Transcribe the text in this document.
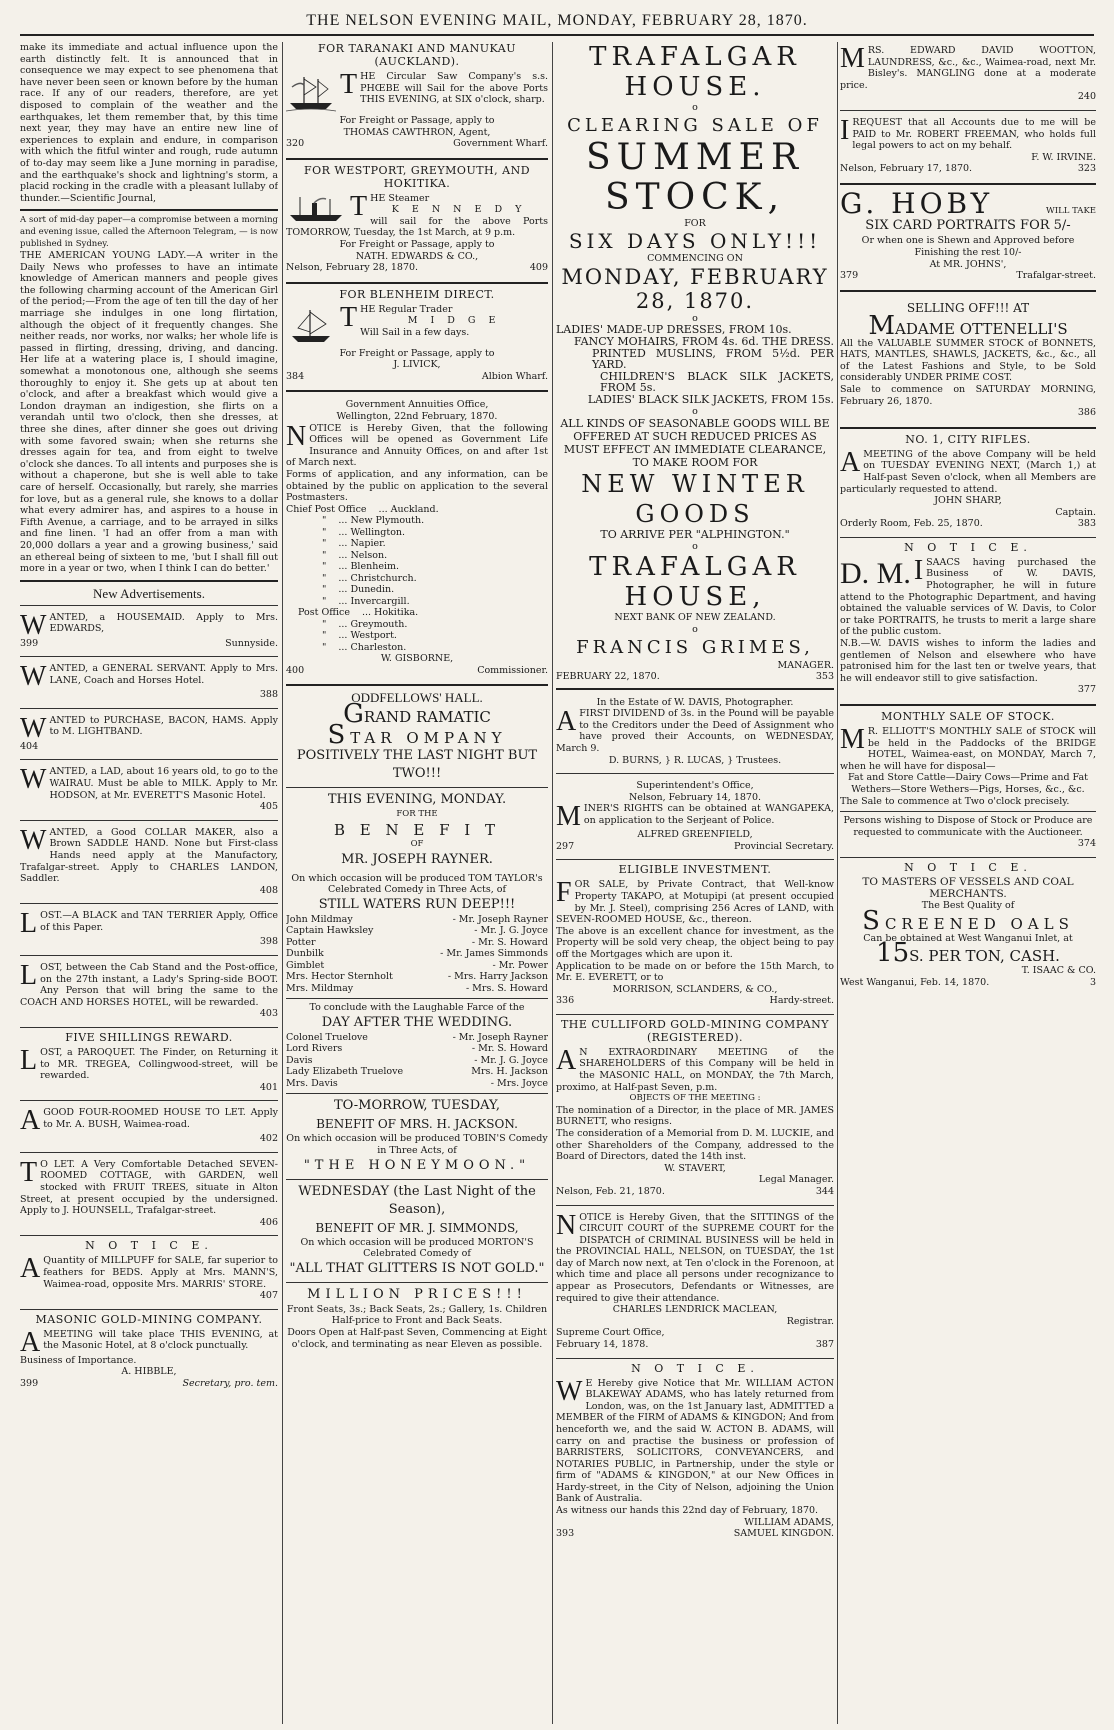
THE NELSON EVENING MAIL, MONDAY, FEBRUARY 28, 1870.

make its immediate and actual influence upon the earth distinctly felt. It is announced that in consequence we may expect to see phenomena that have never been seen or known before by the human race. If any of our readers, therefore, are yet disposed to complain of the weather and the earthquakes, let them remember that, by this time next year, they may have an entire new line of experiences to explain and endure, in comparison with which the fitful winter and rough, rude autumn of to-day may seem like a June morning in paradise, and the earthquake's shock and lightning's storm, a placid rocking in the cradle with a pleasant lullaby of thunder.—Scientific Journal,

A sort of mid-day paper—a compromise between a morning and evening issue, called the Afternoon Telegram, — is now published in Sydney.

THE AMERICAN YOUNG LADY.—A writer in the Daily News who professes to have an intimate knowledge of American manners and people gives the following charming account of the American Girl of the period;—From the age of ten till the day of her marriage she indulges in one long flirtation, although the object of it frequently changes. She neither reads, nor works, nor walks; her whole life is passed in flirting, dressing, driving, and dancing. Her life at a watering place is, I should imagine, somewhat a monotonous one, although she seems thoroughly to enjoy it. She gets up at about ten o'clock, and after a breakfast which would give a London drayman an indigestion, she flirts on a verandah until two o'clock, then she dresses, at three she dines, after dinner she goes out driving with some favored swain; when she returns she dresses again for tea, and from eight to twelve o'clock she dances. To all intents and purposes she is without a chaperone, but she is well able to take care of herself. Occasionally, but rarely, she marries for love, but as a general rule, she knows to a dollar what every admirer has, and aspires to a house in Fifth Avenue, a carriage, and to be arrayed in silks and fine linen. 'I had an offer from a man with 20,000 dollars a year and a growing business,' said an ethereal being of sixteen to me, 'but I shall fill out more in a year or two, when I think I can do better.'

New Advertisements.
W ANTED, a HOUSEMAID. Apply to Mrs. EDWARDS,

399	Sunnyside.
W ANTED, a GENERAL SERVANT. Apply to Mrs. LANE, Coach and Horses Hotel.

388
W ANTED to PURCHASE, BACON, HAMS. Apply to M. LIGHTBAND.

404
W ANTED, a LAD, about 16 years old, to go to the WAIRAU. Must be able to MILK. Apply to Mr. HODSON, at Mr. EVERETT'S Masonic Hotel.

405
W ANTED, a Good COLLAR MAKER, also a Brown SADDLE HAND. None but First-class Hands need apply at the Manufactory, Trafalgar-street. Apply to CHARLES LANDON, Saddler.

408
L OST.—A BLACK and TAN TERRIER Apply, Office of this Paper.

398
L OST, between the Cab Stand and the Post-office, on the 27th instant, a Lady's Spring-side BOOT. Any Person that will bring the same to the COACH AND HORSES HOTEL, will be rewarded.

403
FIVE SHILLINGS REWARD.
L OST, a PAROQUET. The Finder, on Returning it to MR. TREGEA, Collingwood-street, will be rewarded.

401
A GOOD FOUR-ROOMED HOUSE TO LET. Apply to Mr. A. BUSH, Waimea-road.

402
T O LET. A Very Comfortable Detached SEVEN-ROOMED COTTAGE, with GARDEN, well stocked with FRUIT TREES, situate in Alton Street, at present occupied by the undersigned. Apply to J. HOUNSELL, Trafalgar-street.

406
N O T I C E.
A Quantity of MILLPUFF for SALE, far superior to feathers for BEDS. Apply at Mrs. MANN'S, Waimea-road, opposite Mrs. MARRIS' STORE.

407
MASONIC GOLD-MINING COMPANY.
A MEETING will take place THIS EVENING, at the Masonic Hotel, at 8 o'clock punctually.

Business of Importance.

A. HIBBLE,
399	Secretary, pro. tem.
FOR TARANAKI AND MANUKAU (AUCKLAND).
T HE Circular Saw Company's s.s. PHŒBE will Sail for the above Ports THIS EVENING, at SIX o'clock, sharp.

For Freight or Passage, apply to
THOMAS CAWTHRON, Agent,
320	Government Wharf.
FOR WESTPORT, GREYMOUTH, AND HOKITIKA.
T HE Steamer

K E N N E D Y

will sail for the above Ports TOMORROW, Tuesday, the 1st March, at 9 p.m.

For Freight or Passage, apply to
NATH. EDWARDS & CO.,
Nelson, February 28, 1870.	409
FOR BLENHEIM DIRECT.
T HE Regular Trader

M I D G E

Will Sail in a few days.

For Freight or Passage, apply to
J. LIVICK,
384	Albion Wharf.
Government Annuities Office,
Wellington, 22nd February, 1870.
N OTICE is Hereby Given, that the following Offices will be opened as Government Life Insurance and Annuity Offices, on and after 1st of March next.

Forms of application, and any information, can be obtained by the public on application to the several Postmasters.

Chief Post Office	... Auckland.
"	... New Plymouth.
"	... Wellington.
"	... Napier.
"	... Nelson.
"	... Blenheim.
"	... Christchurch.
"	... Dunedin.
"	... Invercargill.
Post Office	... Hokitika.
"	... Greymouth.
"	... Westport.
"	... Charleston.
W. GISBORNE,
400	Commissioner.
ODDFELLOWS' HALL.
GRAND RAMATIC
STAR OMPANY
POSITIVELY THE LAST NIGHT BUT TWO!!!
THIS EVENING, MONDAY.
FOR THE
B E N E F I T
OF
MR. JOSEPH RAYNER.

On which occasion will be produced TOM TAYLOR's Celebrated Comedy in Three Acts, of

STILL WATERS RUN DEEP!!!
John Mildmay	- Mr. Joseph Rayner
Captain Hawksley	- Mr. J. G. Joyce
Potter	- Mr. S. Howard
Dunbilk	- Mr. James Simmonds
Gimblet	- Mr. Power
Mrs. Hector Sternholt	- Mrs. Harry Jackson
Mrs. Mildmay	- Mrs. S. Howard

To conclude with the Laughable Farce of the

DAY AFTER THE WEDDING.
Colonel Truelove	- Mr. Joseph Rayner
Lord Rivers	- Mr. S. Howard
Davis	- Mr. J. G. Joyce
Lady Elizabeth Truelove	Mrs. H. Jackson
Mrs. Davis	- Mrs. Joyce
TO-MORROW, TUESDAY,
BENEFIT OF MRS. H. JACKSON.

On which occasion will be produced TOBIN'S Comedy in Three Acts, of

"THE HONEYMOON."
WEDNESDAY (the Last Night of the Season),
BENEFIT OF MR. J. SIMMONDS,

On which occasion will be produced MORTON'S Celebrated Comedy of

"ALL THAT GLITTERS IS NOT GOLD."
MILLION PRICES!!!

Front Seats, 3s.; Back Seats, 2s.; Gallery, 1s. Children Half-price to Front and Back Seats.

Doors Open at Half-past Seven, Commencing at Eight o'clock, and terminating as near Eleven as possible.

TRAFALGAR HOUSE.
o
CLEARING SALE OF
SUMMER STOCK,
FOR
SIX DAYS ONLY!!!
COMMENCING ON
MONDAY, FEBRUARY 28, 1870.
o
LADIES' MADE-UP DRESSES, FROM 10s.
FANCY MOHAIRS, FROM 4s. 6d. THE DRESS.
PRINTED MUSLINS, FROM 5½d. PER YARD.
CHILDREN'S BLACK SILK JACKETS, FROM 5s.
LADIES' BLACK SILK JACKETS, FROM 15s.
o

ALL KINDS OF SEASONABLE GOODS WILL BE OFFERED AT SUCH REDUCED PRICES AS MUST EFFECT AN IMMEDIATE CLEARANCE, TO MAKE ROOM FOR

NEW WINTER GOODS
TO ARRIVE PER "ALPHINGTON."
o
TRAFALGAR HOUSE,
NEXT BANK OF NEW ZEALAND.
o
FRANCIS GRIMES,
MANAGER.
FEBRUARY 22, 1870.	353
In the Estate of W. DAVIS, Photographer.
A FIRST DIVIDEND of 3s. in the Pound will be payable to the Creditors under the Deed of Assignment who have proved their Accounts, on WEDNESDAY, March 9.

D. BURNS, } R. LUCAS, } Trustees.
Superintendent's Office,
Nelson, February 14, 1870.
M INER'S RIGHTS can be obtained at WANGAPEKA, on application to the Serjeant of Police.

ALFRED GREENFIELD,
297	Provincial Secretary.
ELIGIBLE INVESTMENT.
F OR SALE, by Private Contract, that Well-know Property TAKAPO, at Motupipi (at present occupied by Mr. J. Steel), comprising 256 Acres of LAND, with SEVEN-ROOMED HOUSE, &c., thereon.

The above is an excellent chance for investment, as the Property will be sold very cheap, the object being to pay off the Mortgages which are upon it.

Application to be made on or before the 15th March, to Mr. E. EVERETT, or to

MORRISON, SCLANDERS, & CO.,
336	Hardy-street.
THE CULLIFORD GOLD-MINING COMPANY (REGISTERED).
A N EXTRAORDINARY MEETING of the SHAREHOLDERS of this Company will be held in the MASONIC HALL, on MONDAY, the 7th March, proximo, at Half-past Seven, p.m.

OBJECTS OF THE MEETING :

The nomination of a Director, in the place of MR. JAMES BURNETT, who resigns.

The consideration of a Memorial from D. M. LUCKIE, and other Shareholders of the Company, addressed to the Board of Directors, dated the 14th inst.

W. STAVERT,
Legal Manager.
Nelson, Feb. 21, 1870.	344
N OTICE is Hereby Given, that the SITTINGS of the CIRCUIT COURT of the SUPREME COURT for the DISPATCH of CRIMINAL BUSINESS will be held in the PROVINCIAL HALL, NELSON, on TUESDAY, the 1st day of March now next, at Ten o'clock in the Forenoon, at which time and place all persons under recognizance to appear as Prosecutors, Defendants or Witnesses, are required to give their attendance.

CHARLES LENDRICK MACLEAN,
Registrar.
Supreme Court Office,
February 14, 1878.	387
N O T I C E.
W E Hereby give Notice that Mr. WILLIAM ACTON BLAKEWAY ADAMS, who has lately returned from London, was, on the 1st January last, ADMITTED a MEMBER of the FIRM of ADAMS & KINGDON; And from henceforth we, and the said W. ACTON B. ADAMS, will carry on and practise the business or profession of BARRISTERS, SOLICITORS, CONVEYANCERS, and NOTARIES PUBLIC, in Partnership, under the style or firm of "ADAMS & KINGDON," at our New Offices in Hardy-street, in the City of Nelson, adjoining the Union Bank of Australia.

As witness our hands this 22nd day of February, 1870.

WILLIAM ADAMS,
393	SAMUEL KINGDON.
M RS. EDWARD DAVID WOOTTON, LAUNDRESS, &c., &c., Waimea-road, next Mr. Bisley's. MANGLING done at a moderate price.

240
I REQUEST that all Accounts due to me will be PAID to Mr. ROBERT FREEMAN, who holds full legal powers to act on my behalf.

F. W. IRVINE.
Nelson, February 17, 1870.	323
G. HOBY	WILL TAKE
SIX CARD PORTRAITS FOR 5/-

Or when one is Shewn and Approved before Finishing the rest 10/-

At MR. JOHNS',
379	Trafalgar-street.
SELLING OFF!!! AT
MADAME OTTENELLI'S

All the VALUABLE SUMMER STOCK of BONNETS, HATS, MANTLES, SHAWLS, JACKETS, &c., &c., all of the Latest Fashions and Style, to be Sold considerably UNDER PRIME COST.

Sale to commence on SATURDAY MORNING, February 26, 1870.

386
NO. 1, CITY RIFLES.
A MEETING of the above Company will be held on TUESDAY EVENING NEXT, (March 1,) at Half-past Seven o'clock, when all Members are particularly requested to attend.

JOHN SHARP,
Captain.
Orderly Room, Feb. 25, 1870.	383
N O T I C E.
D. M. I SAACS having purchased the Business of W. DAVIS, Photographer, he will in future attend to the Photographic Department, and having obtained the valuable services of W. Davis, to Color or take PORTRAITS, he trusts to merit a large share of the public custom.

N.B.—W. DAVIS wishes to inform the ladies and gentlemen of Nelson and elsewhere who have patronised him for the last ten or twelve years, that he will endeavor still to give satisfaction.

377
MONTHLY SALE OF STOCK.
M R. ELLIOTT'S MONTHLY SALE of STOCK will be held in the Paddocks of the BRIDGE HOTEL, Waimea-east, on MONDAY, March 7, when he will have for disposal—

Fat and Store Cattle—Dairy Cows—Prime and Fat Wethers—Store Wethers—Pigs, Horses, &c., &c.

The Sale to commence at Two o'clock precisely.

Persons wishing to Dispose of Stock or Produce are requested to communicate with the Auctioneer.

374
N O T I C E.
TO MASTERS OF VESSELS AND COAL MERCHANTS.
The Best Quality of
SCREENED OALS
Can be obtained at West Wanganui Inlet, at
15S. PER TON, CASH.
T. ISAAC & CO.
West Wanganui, Feb. 14, 1870.	3
